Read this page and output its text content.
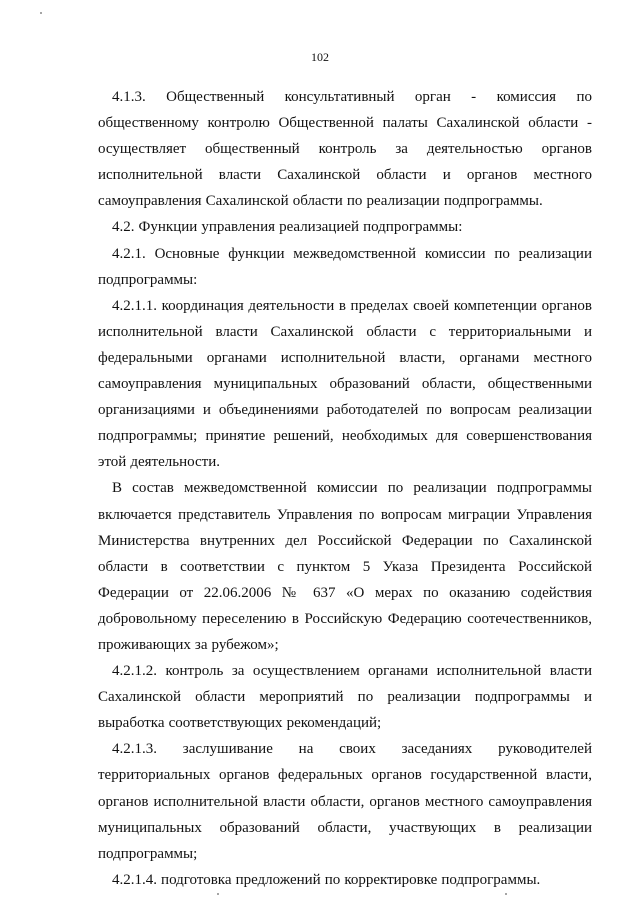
102

4.1.3. Общественный консультативный орган - комиссия по общественному контролю Общественной палаты Сахалинской области - осуществляет общественный контроль за деятельностью органов исполнительной власти Сахалинской области и органов местного самоуправления Сахалинской области по реализации подпрограммы.

4.2. Функции управления реализацией подпрограммы:

4.2.1. Основные функции межведомственной комиссии по реализации подпрограммы:

4.2.1.1. координация деятельности в пределах своей компетенции органов исполнительной власти Сахалинской области с территориальными и федеральными органами исполнительной власти, органами местного самоуправления муниципальных образований области, общественными организациями и объединениями работодателей по вопросам реализации подпрограммы; принятие решений, необходимых для совершенствования этой деятельности.

В состав межведомственной комиссии по реализации подпрограммы включается представитель Управления по вопросам миграции Управления Министерства внутренних дел Российской Федерации по Сахалинской области в соответствии с пунктом 5 Указа Президента Российской Федерации от 22.06.2006 № 637 «О мерах по оказанию содействия добровольному переселению в Российскую Федерацию соотечественников, проживающих за рубежом»;

4.2.1.2. контроль за осуществлением органами исполнительной власти Сахалинской области мероприятий по реализации подпрограммы и выработка соответствующих рекомендаций;

4.2.1.3. заслушивание на своих заседаниях руководителей территориальных органов федеральных органов государственной власти, органов исполнительной власти области, органов местного самоуправления муниципальных образований области, участвующих в реализации подпрограммы;

4.2.1.4. подготовка предложений по корректировке подпрограммы.
